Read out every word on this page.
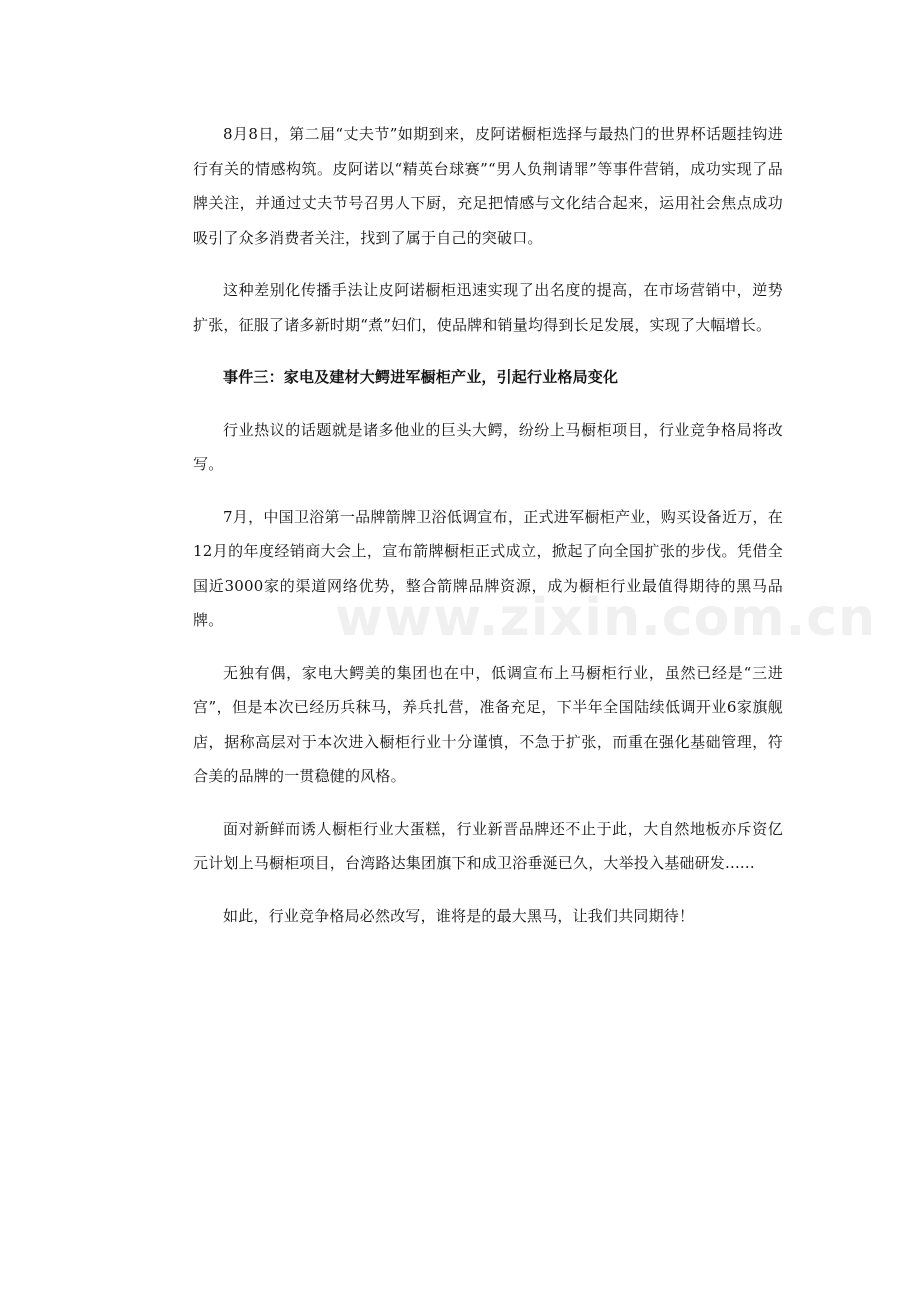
8月8日，第二届“丈夫节”如期到来，皮阿诺橱柜选择与最热门的世界杯话题挂钩进行有关的情感构筑。皮阿诺以“精英台球赛”“男人负荆请罪”等事件营销，成功实现了品牌关注，并通过丈夫节号召男人下厨，充足把情感与文化结合起来，运用社会焦点成功吸引了众多消费者关注，找到了属于自己的突破口。

这种差别化传播手法让皮阿诺橱柜迅速实现了出名度的提高，在市场营销中，逆势扩张，征服了诸多新时期“煮”妇们，使品牌和销量均得到长足发展，实现了大幅增长。

事件三：家电及建材大鳄进军橱柜产业，引起行业格局变化

行业热议的话题就是诸多他业的巨头大鳄，纷纷上马橱柜项目，行业竞争格局将改写。

7月，中国卫浴第一品牌箭牌卫浴低调宣布，正式进军橱柜产业，购买设备近万，在12月的年度经销商大会上，宣布箭牌橱柜正式成立，掀起了向全国扩张的步伐。凭借全国近3000家的渠道网络优势，整合箭牌品牌资源，成为橱柜行业最值得期待的黑马品牌。

无独有偶，家电大鳄美的集团也在中，低调宣布上马橱柜行业，虽然已经是“三进宫”，但是本次已经历兵秣马，养兵扎营，准备充足，下半年全国陆续低调开业6家旗舰店，据称高层对于本次进入橱柜行业十分谨慎，不急于扩张，而重在强化基础管理，符合美的品牌的一贯稳健的风格。

面对新鲜而诱人橱柜行业大蛋糕，行业新晋品牌还不止于此，大自然地板亦斥资亿元计划上马橱柜项目，台湾路达集团旗下和成卫浴垂涎已久，大举投入基础研发......

如此，行业竞争格局必然改写，谁将是的最大黑马，让我们共同期待！

www.zixin.com.cn
